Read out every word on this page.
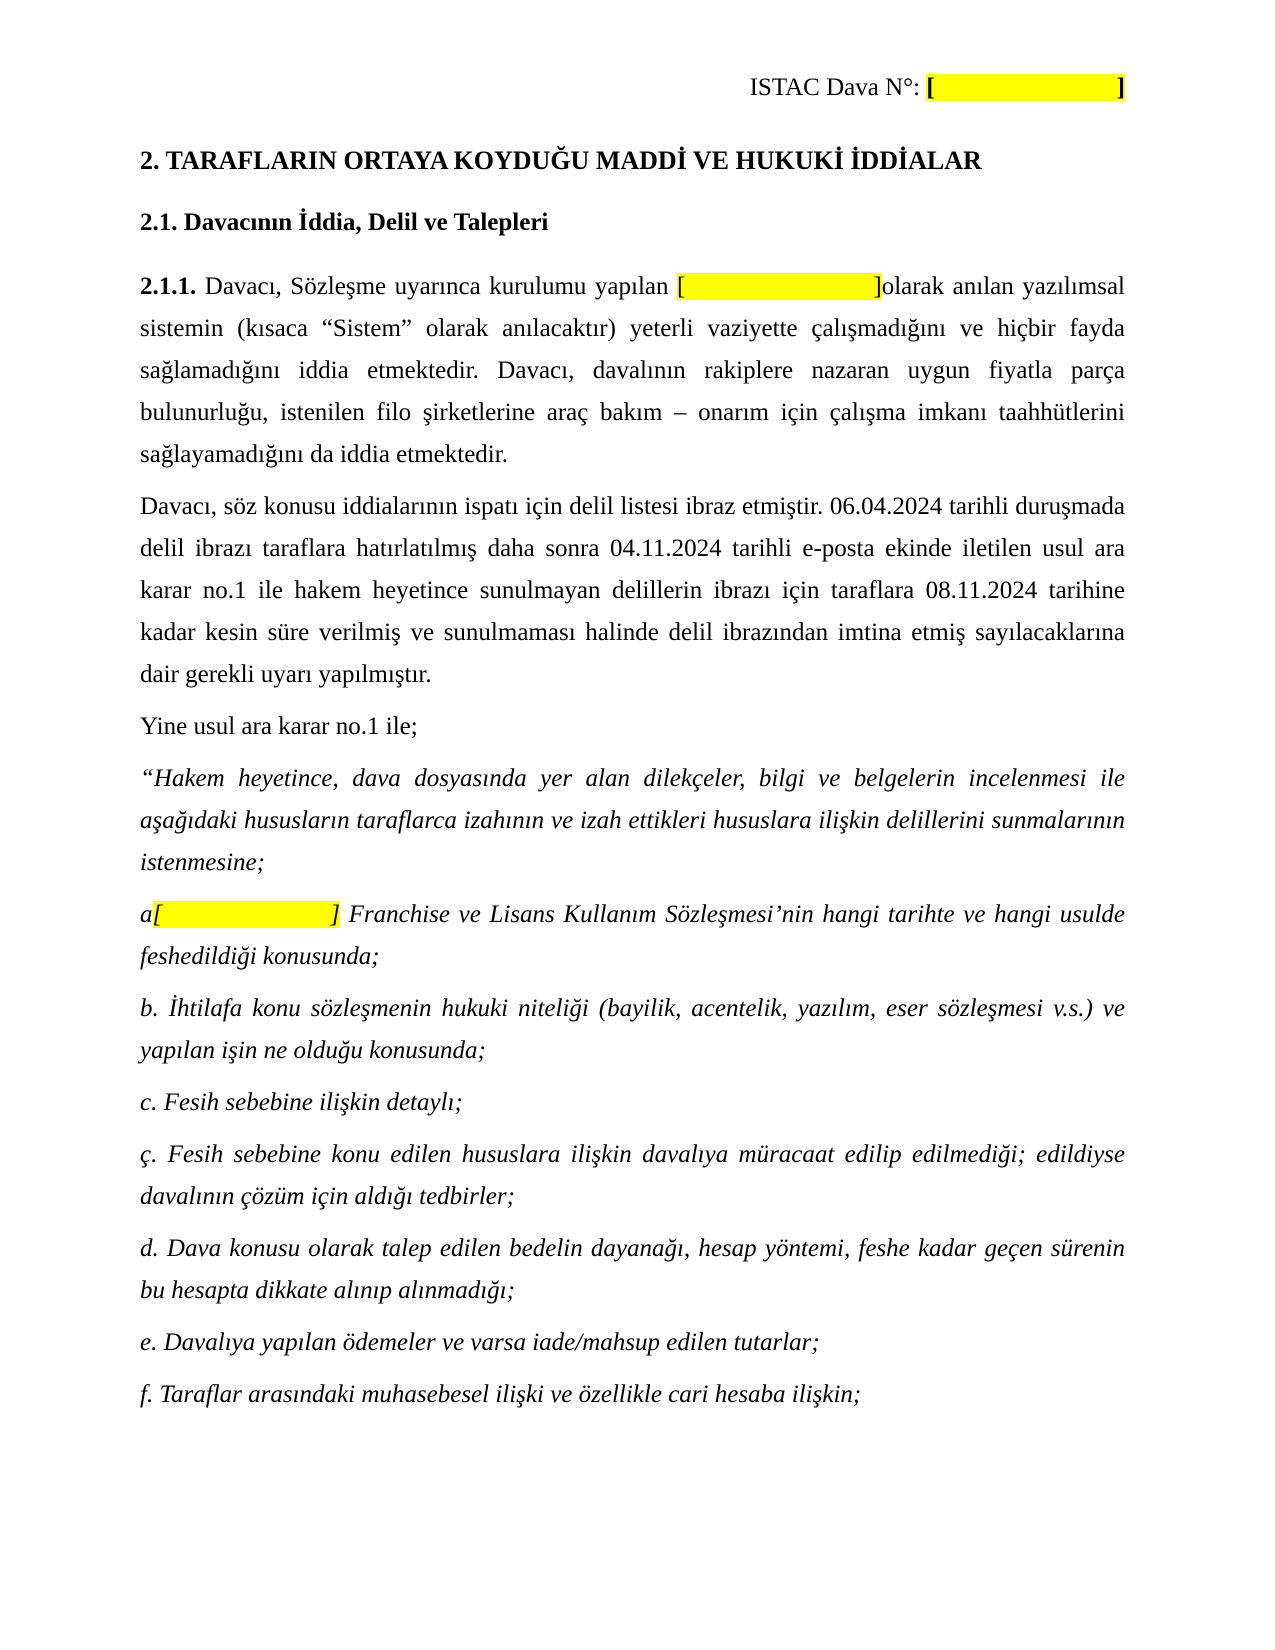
ISTAC Dava N°: [	]
2. TARAFLARIN ORTAYA KOYDUĞU MADDİ VE HUKUKİ İDDİALAR
2.1. Davacının İddia, Delil ve Talepleri

2.1.1. Davacı, Sözleşme uyarınca kurulumu yapılan [	]olarak anılan yazılımsal sistemin (kısaca “Sistem” olarak anılacaktır) yeterli vaziyette çalışmadığını ve hiçbir fayda sağlamadığını iddia etmektedir. Davacı, davalının rakiplere nazaran uygun fiyatla parça bulunurluğu, istenilen filo şirketlerine araç bakım – onarım için çalışma imkanı taahhütlerini sağlayamadığını da iddia etmektedir.

Davacı, söz konusu iddialarının ispatı için delil listesi ibraz etmiştir. 06.04.2024 tarihli duruşmada delil ibrazı taraflara hatırlatılmış daha sonra 04.11.2024 tarihli e-posta ekinde iletilen usul ara karar no.1 ile hakem heyetince sunulmayan delillerin ibrazı için taraflara 08.11.2024 tarihine kadar kesin süre verilmiş ve sunulmaması halinde delil ibrazından imtina etmiş sayılacaklarına dair gerekli uyarı yapılmıştır.

Yine usul ara karar no.1 ile;

“Hakem heyetince, dava dosyasında yer alan dilekçeler, bilgi ve belgelerin incelenmesi ile aşağıdaki hususların taraflarca izahının ve izah ettikleri hususlara ilişkin delillerini sunmalarının istenmesine;

a[	] Franchise ve Lisans Kullanım Sözleşmesi’nin hangi tarihte ve hangi usulde feshedildiği konusunda;

b. İhtilafa konu sözleşmenin hukuki niteliği (bayilik, acentelik, yazılım, eser sözleşmesi v.s.) ve yapılan işin ne olduğu konusunda;

c. Fesih sebebine ilişkin detaylı;

ç. Fesih sebebine konu edilen hususlara ilişkin davalıya müracaat edilip edilmediği; edildiyse davalının çözüm için aldığı tedbirler;

d. Dava konusu olarak talep edilen bedelin dayanağı, hesap yöntemi, feshe kadar geçen sürenin bu hesapta dikkate alınıp alınmadığı;

e. Davalıya yapılan ödemeler ve varsa iade/mahsup edilen tutarlar;

f. Taraflar arasındaki muhasebesel ilişki ve özellikle cari hesaba ilişkin;
